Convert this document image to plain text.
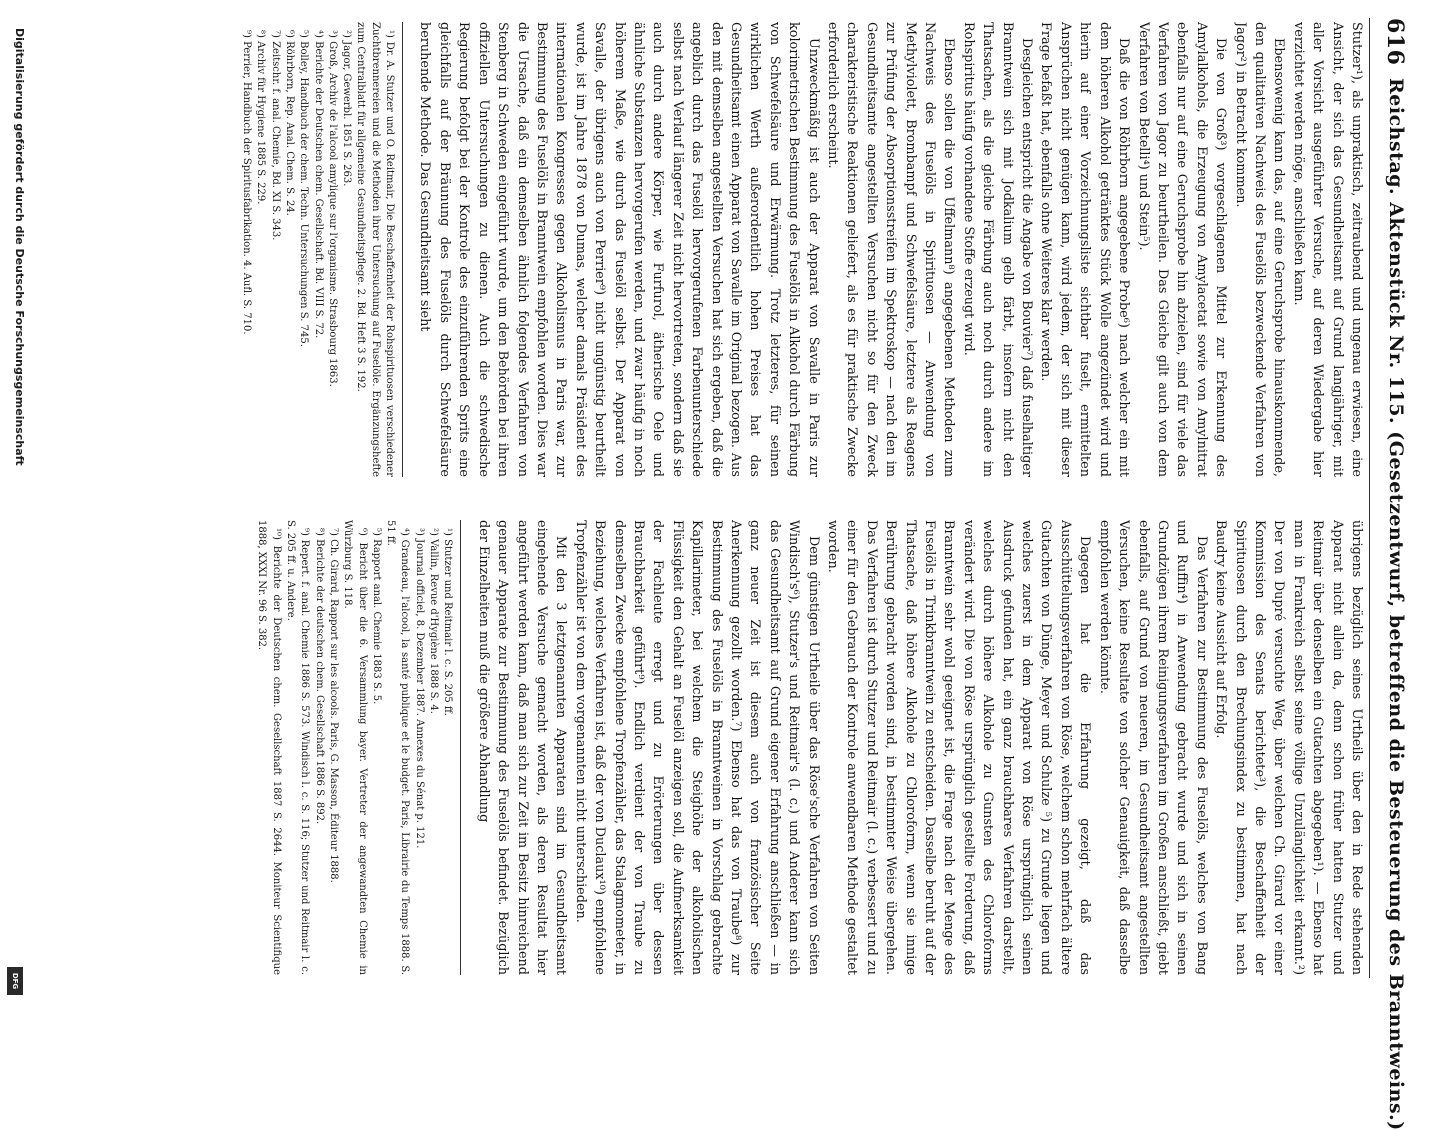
Digitalisierung gefördert durch die Deutsche Forschungsgemeinschaft
DFG
616
Reichstag. Aktenstück Nr. 115. (Gesetzentwurf, betreffend die Besteuerung des Branntweins.)

Stutzer¹), als unpraktisch, zeitraubend und ungenau erwiesen, eine Ansicht, der sich das Gesundheitsamt auf Grund langjähriger, mit aller Vorsicht ausgeführter Versuche, auf deren Wiedergabe hier verzichtet werden möge, anschließen kann.

Ebensowenig kann das, auf eine Geruchsprobe hinauskommende, den qualitativen Nachweis des Fuselöls bezweckende Verfahren von Jagor²) in Betracht kommen.

Die von Groß³) vorgeschlagenen Mittel zur Erkennung des Amylalkohols, die Erzeugung von Amylacetat sowie von Amylnitrat ebenfalls nur auf eine Geruchsprobe hin abzielen, sind für viele das Verfahren von Jagor zu beurtheilen. Das Gleiche gilt auch von dem Verfahren von Betelli⁴) und Stein⁵).

Daß die von Röhrborn angegebene Probe⁶) nach welcher ein mit dem höheren Alkohol getränktes Stück Wolle angezündet wird und hierin auf einer Vorzeichnungsliste sichtbar fuselt, ermittelten Ansprüchen nicht genügen kann, wird jedem, der sich mit dieser Frage befaßt hat, ebenfalls ohne Weiteres klar werden.

Desgleichen entspricht die Angabe von Bouvier⁷) daß fuselhaltiger Branntwein sich mit Jodkalium gelb färbt, insofern nicht den Thatsachen, als die gleiche Färbung auch noch durch andere im Rohspiritus häufig vorhandene Stoffe erzeugt wird.

Ebenso sollen die von Uffelmann⁸) angegebenen Methoden zum Nachweis des Fuselöls in Spirituosen — Anwendung von Methylviolett, Brombampf und Schwefelsäure, letztere als Reagens zur Prüfung der Absorptionsstreifen im Spektroskop — nach den im Gesundheitsamte angestellten Versuchen nicht so für den Zweck charakteristische Reaktionen geliefert, als es für praktische Zwecke erforderlich erscheint.

Unzweckmäßig ist auch der Apparat von Savalle in Paris zur kolorimetrischen Bestimmung des Fuselöls in Alkohol durch Färbung von Schwefelsäure und Erwärmung. Trotz letzteres, für seinen wirklichen Werth außerordentlich hohen Preises hat das Gesundheitsamt einen Apparat von Savalle im Original bezogen. Aus den mit demselben angestellten Versuchen hat sich ergeben, daß die angeblich durch das Fuselöl hervorgerufenen Farbenunterschiede selbst nach Verlauf längerer Zeit nicht hervortreten, sondern daß sie auch durch andere Körper, wie Furfurol, ätherische Oele und ähnliche Substanzen hervorgerufen werden, und zwar häufig in noch höherem Maße, wie durch das Fuselöl selbst. Der Apparat von Savalle, der übrigens auch von Perrier⁹) nicht ungünstig beurtheilt wurde, ist im Jahre 1878 von Dumas, welcher damals Präsident des internationalen Kongresses gegen Alkoholismus in Paris war, zur Bestimmung des Fuselöls in Branntwein empfohlen worden. Dies war die Ursache, daß ein demselben ähnlich folgendes Verfahren von Stenberg in Schweden eingeführt wurde, um den Behörden bei ihren offiziellen Untersuchungen zu dienen. Auch die schwedische Regierung befolgt bei der Kontrole des einzuführenden Sprits eine gleichfalls auf der Bräunung des Fuselöls durch Schwefelsäure beruhende Methode. Das Gesundheitsamt sieht

¹) Dr. A. Stutzer und O. Reitmair, Die Beschaffenheit der Rohspirituosen verschiedener Zuchtbrennereien und die Methoden ihrer Untersuchung auf Fuselöle. Ergänzungshefte zum Centralblatt für allgemeine Gesundheitspflege. 2. Bd. Heft 3 S. 192.

²) Jagor, Gewerbl. 1851 S. 263.

³) Groß, Archiv de l'alcool amylique sur l'organisme. Strasbourg 1863.

⁴) Berichte der Deutschen chem. Gesellschaft. Bd. VIII S. 72.

⁵) Bolley, Handbuch der chem. Techn. Untersuchungen S. 745.

⁶) Röhrborn, Rep. Anal. Chem. S. 24.

⁷) Zeitschr. f. anal. Chemie, Bd. XI S. 343.

⁸) Archiv für Hygiene 1885 S. 229.

⁹) Perrier, Handbuch der Spiritusfabrikation. 4. Aufl. S. 710.

übrigens bezüglich seines Urtheils über den in Rede stehenden Apparat nicht allein da, denn schon früher hatten Stutzer und Reitmair über denselben ein Gutachten abgegeben¹). — Ebenso hat man in Frankreich selbst seine völlige Unzulänglichkeit erkannt.²) Der von Dupré versuchte Weg, über welchen Ch. Girard vor einer Kommission des Senats berichtete³), die Beschaffenheit der Spirituosen durch den Brechungsindex zu bestimmen, hat nach Baudry keine Aussicht auf Erfolg.

Das Verfahren zur Bestimmung des Fuselöls, welches von Bang und Ruffin⁴) in Anwendung gebracht wurde und sich in seinen Grundzügen ihrem Reinigungsverfahren im Großen anschließt, giebt ebenfalls, auf Grund von neueren, im Gesundheitsamt angestellten Versuchen, keine Resultate von solcher Genauigkeit, daß dasselbe empfohlen werden könnte.

Dagegen hat die Erfahrung gezeigt, daß das Ausschüttelungsverfahren von Röse, welchem schon mehrfach ältere Gutachten von Dünge, Meyer und Schulze ⁵) zu Grunde liegen und welches zuerst in dem Apparat von Röse ursprünglich seinen Ausdruck gefunden hat, ein ganz brauchbares Verfahren darstellt, welches durch höhere Alkohole zu Gunsten des Chloroforms verändert wird. Die von Röse ursprünglich gestellte Forderung, daß Branntwein sehr wohl geeignet ist, die Frage nach der Menge des Fuselöls in Trinkbranntwein zu entscheiden. Dasselbe beruht auf der Thatsache, daß höhere Alkohole zu Chloroform, wenn sie innige Berührung gebracht worden sind, in bestimmter Weise übergehen. Das Verfahren ist durch Stutzer und Reitmair (l. c.) verbessert und zu einer für den Gebrauch der Kontrole anwendbaren Methode gestaltet worden.

Dem günstigen Urtheile über das Röse'sche Verfahren von Seiten Windisch's⁶), Stutzer's und Reitmair's (l. c.) und Anderer kann sich das Gesundheitsamt auf Grund eigener Erfahrung anschließen — in ganz neuer Zeit ist diesem auch von französischer Seite Anerkennung gezollt worden.⁷) Ebenso hat das von Traube⁸) zur Bestimmung des Fuselöls in Branntweinen in Vorschlag gebrachte Kapillarimeter, bei welchem die Steighöhe der alkoholischen Flüssigkeit den Gehalt an Fuselöl anzeigen soll, die Aufmerksamkeit der Fachleute erregt und zu Erörterungen über dessen Brauchbarkeit geführt⁹). Endlich verdient der von Traube zu demselben Zwecke empfohlene Tropfenzähler, das Stalagmometer, in Beziehung, welches Verfahren ist, daß der von Duclaux¹⁰) empfohlene Tropfenzähler ist von dem vorgenannten nicht unterschieden.

Mit den 3 letztgenannten Apparaten sind im Gesundheitsamt eingehende Versuche gemacht worden, als deren Resultat hier angeführt werden kann, daß man sich zur Zeit im Besitz hinreichend genauer Apparate zur Bestimmung des Fuselöls befindet. Bezüglich der Einzelheiten muß die größere Abhandlung

¹) Stutzer und Reitmair l. c. S. 205 ff.

²) Vallin, Revue d'Hygiène 1888 S. 4.

³) Journal officiel, 8. Dezember 1887. Annexes du Sénat p. 121.

⁴) Grandeau, l'alcool, la santé publique et le budget. Paris, Librairie du Temps 1888. S. 51 ff.

⁵) Rapport anal. Chemie 1883 S. 5.

⁶) Bericht über die 6. Versammlung bayer. Vertreter der angewandten Chemie in Würzburg S. 118.

⁷) Ch. Girard, Rapport sur les alcools. Paris, G. Masson, Éditeur 1888.

⁸) Berichte der deutschen chem. Gesellschaft 1886 S. 892.

⁹) Repert. f. anal. Chemie 1886 S. 573. Windisch l. c. S. 116; Stutzer und Reitmair l. c. S. 205 ff. u. Andere.

¹⁰) Berichte der Deutschen chem. Gesellschaft 1887 S. 2644. Moniteur Scientifique 1888, XXXI Nr. 96 S. 382.
